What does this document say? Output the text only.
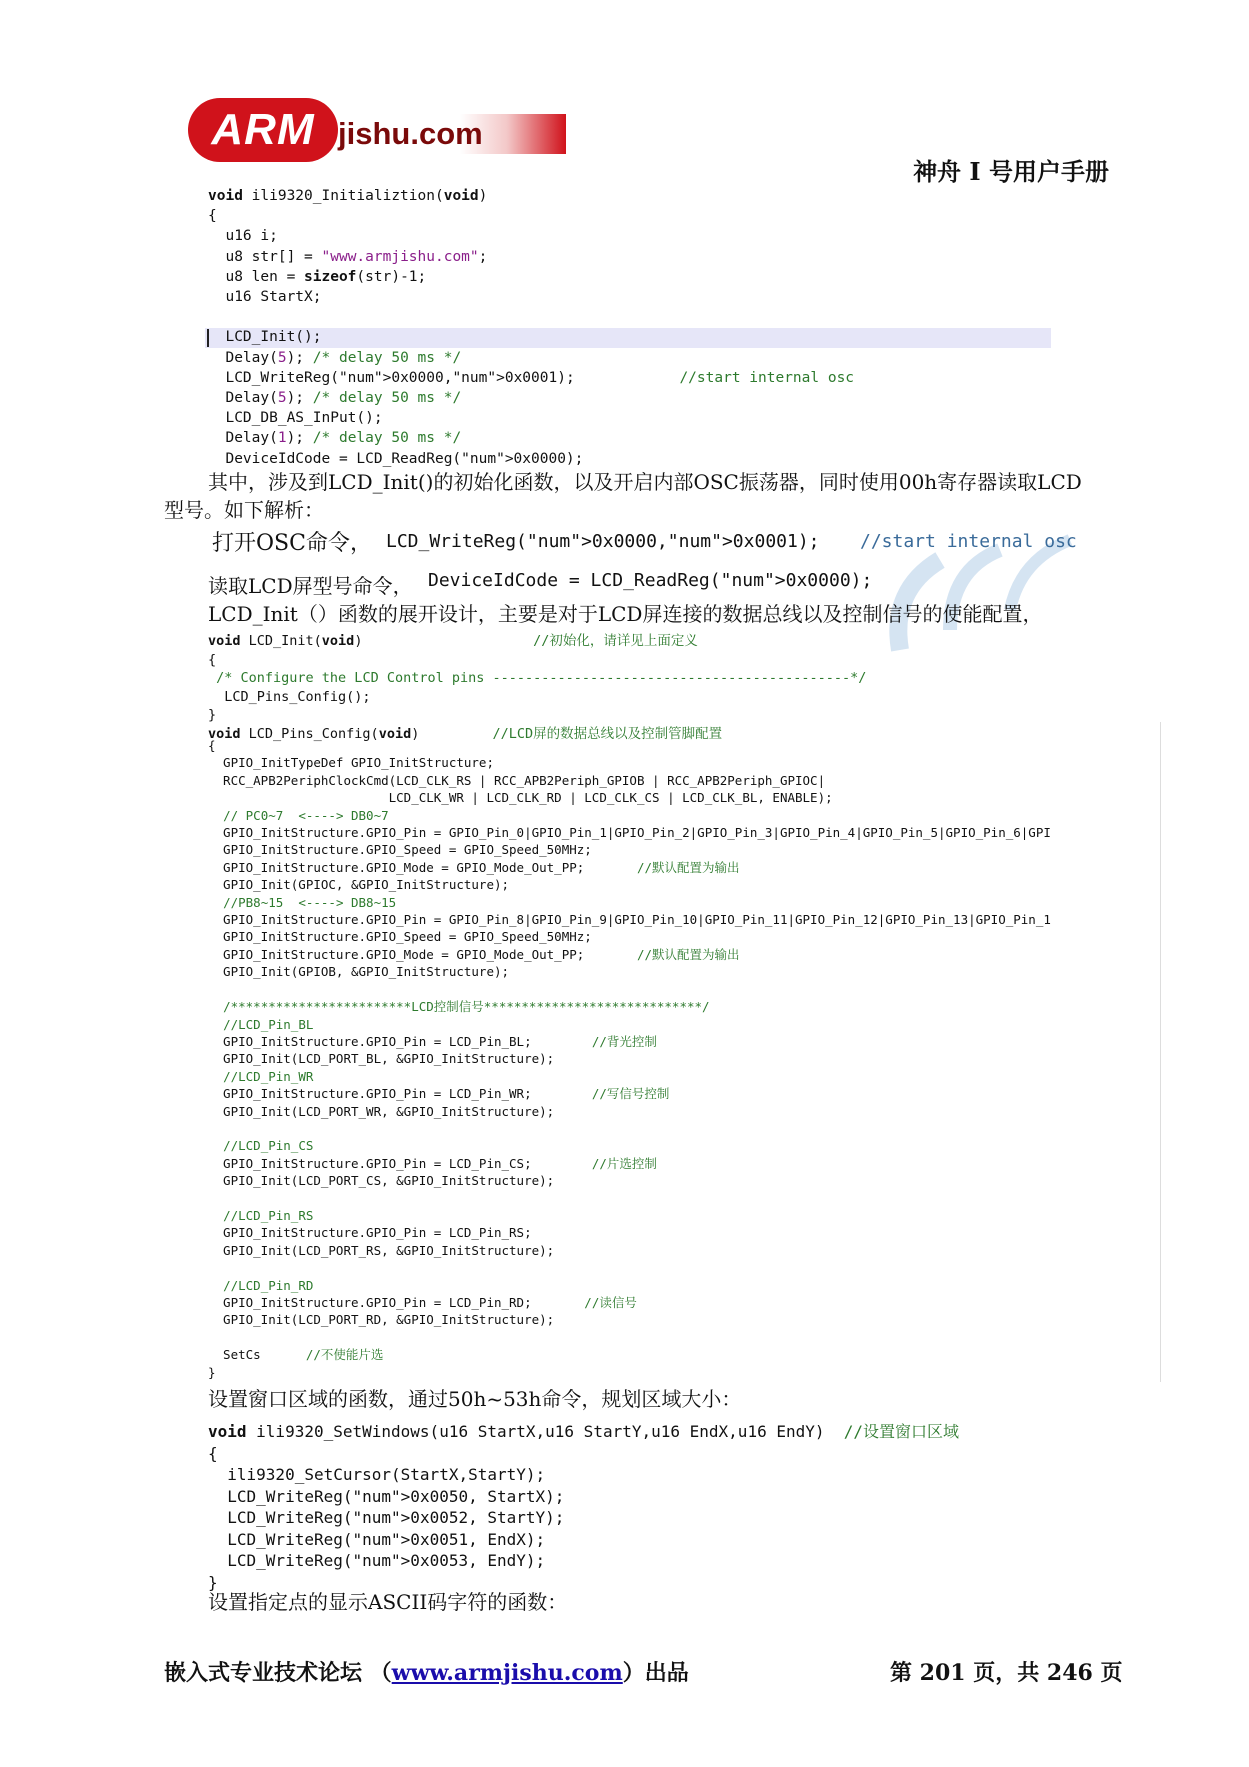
jishu.com
ARM
神舟 I 号用户手册
void ili9320_Initializtion(void)
{
u16 i;
u8 str[] = "www.armjishu.com";
u8 len = sizeof(str)-1;
u16 StartX;

LCD_Init();
Delay(5); /* delay 50 ms */
LCD_WriteReg("num">0x0000,"num">0x0001);            //start internal osc
Delay(5); /* delay 50 ms */
LCD_DB_AS_InPut();
Delay(1); /* delay 50 ms */
DeviceIdCode = LCD_ReadReg("num">0x0000);
其中，涉及到LCD_Init()的初始化函数，以及开启内部OSC振荡器，同时使用00h寄存器读取LCD
型号。如下解析：
打开OSC命令， LCD_WriteReg("num">0x0000,"num">0x0001); //start internal osc
读取LCD屏型号命令， DeviceIdCode = LCD_ReadReg("num">0x0000);
LCD_Init（）函数的展开设计，主要是对于LCD屏连接的数据总线以及控制信号的使能配置，
void LCD_Init(void)                     //初始化，请详见上面定义
{
/* Configure the LCD Control pins --------------------------------------------*/
LCD_Pins_Config();
}
void LCD_Pins_Config(void)         //LCD屏的数据总线以及控制管脚配置
{
GPIO_InitTypeDef GPIO_InitStructure;
RCC_APB2PeriphClockCmd(LCD_CLK_RS | RCC_APB2Periph_GPIOB | RCC_APB2Periph_GPIOC|
LCD_CLK_WR | LCD_CLK_RD | LCD_CLK_CS | LCD_CLK_BL, ENABLE);
// PC0~7  <----> DB0~7
GPIO_InitStructure.GPIO_Pin = GPIO_Pin_0|GPIO_Pin_1|GPIO_Pin_2|GPIO_Pin_3|GPIO_Pin_4|GPIO_Pin_5|GPIO_Pin_6|GPI
GPIO_InitStructure.GPIO_Speed = GPIO_Speed_50MHz;
GPIO_InitStructure.GPIO_Mode = GPIO_Mode_Out_PP;       //默认配置为输出
GPIO_Init(GPIOC, &GPIO_InitStructure);
//PB8~15  <----> DB8~15
GPIO_InitStructure.GPIO_Pin = GPIO_Pin_8|GPIO_Pin_9|GPIO_Pin_10|GPIO_Pin_11|GPIO_Pin_12|GPIO_Pin_13|GPIO_Pin_1
GPIO_InitStructure.GPIO_Speed = GPIO_Speed_50MHz;
GPIO_InitStructure.GPIO_Mode = GPIO_Mode_Out_PP;       //默认配置为输出
GPIO_Init(GPIOB, &GPIO_InitStructure);

/************************LCD控制信号*****************************/
//LCD_Pin_BL
GPIO_InitStructure.GPIO_Pin = LCD_Pin_BL;        //背光控制
GPIO_Init(LCD_PORT_BL, &GPIO_InitStructure);
//LCD_Pin_WR
GPIO_InitStructure.GPIO_Pin = LCD_Pin_WR;        //写信号控制
GPIO_Init(LCD_PORT_WR, &GPIO_InitStructure);

//LCD_Pin_CS
GPIO_InitStructure.GPIO_Pin = LCD_Pin_CS;        //片选控制
GPIO_Init(LCD_PORT_CS, &GPIO_InitStructure);

//LCD_Pin_RS
GPIO_InitStructure.GPIO_Pin = LCD_Pin_RS;
GPIO_Init(LCD_PORT_RS, &GPIO_InitStructure);

//LCD_Pin_RD
GPIO_InitStructure.GPIO_Pin = LCD_Pin_RD;       //读信号
GPIO_Init(LCD_PORT_RD, &GPIO_InitStructure);

SetCs      //不使能片选
}
设置窗口区域的函数，通过50h~53h命令，规划区域大小：
void ili9320_SetWindows(u16 StartX,u16 StartY,u16 EndX,u16 EndY)  //设置窗口区域
{
ili9320_SetCursor(StartX,StartY);
LCD_WriteReg("num">0x0050, StartX);
LCD_WriteReg("num">0x0052, StartY);
LCD_WriteReg("num">0x0051, EndX);
LCD_WriteReg("num">0x0053, EndY);
}
设置指定点的显示ASCII码字符的函数：
嵌入式专业技术论坛 （www.armjishu.com）出品	第 201 页，共 246 页
